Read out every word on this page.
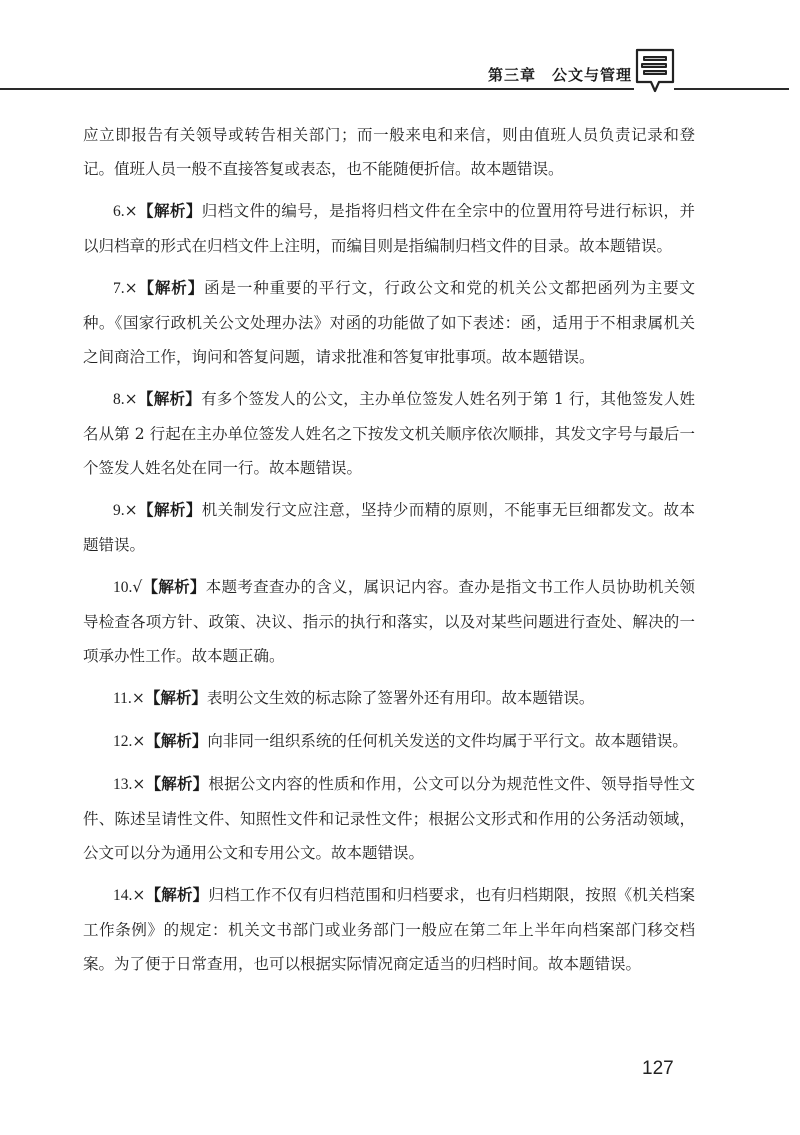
第三章　公文与管理

应立即报告有关领导或转告相关部门；而一般来电和来信，则由值班人员负责记录和登记。值班人员一般不直接答复或表态，也不能随便折信。故本题错误。

6.×【解析】归档文件的编号，是指将归档文件在全宗中的位置用符号进行标识，并以归档章的形式在归档文件上注明，而编目则是指编制归档文件的目录。故本题错误。

7.×【解析】函是一种重要的平行文，行政公文和党的机关公文都把函列为主要文种。《国家行政机关公文处理办法》对函的功能做了如下表述：函，适用于不相隶属机关之间商洽工作，询问和答复问题，请求批准和答复审批事项。故本题错误。

8.×【解析】有多个签发人的公文，主办单位签发人姓名列于第 1 行，其他签发人姓名从第 2 行起在主办单位签发人姓名之下按发文机关顺序依次顺排，其发文字号与最后一个签发人姓名处在同一行。故本题错误。

9.×【解析】机关制发行文应注意，坚持少而精的原则，不能事无巨细都发文。故本题错误。

10.√【解析】本题考查查办的含义，属识记内容。查办是指文书工作人员协助机关领导检查各项方针、政策、决议、指示的执行和落实，以及对某些问题进行查处、解决的一项承办性工作。故本题正确。

11.×【解析】表明公文生效的标志除了签署外还有用印。故本题错误。

12.×【解析】向非同一组织系统的任何机关发送的文件均属于平行文。故本题错误。

13.×【解析】根据公文内容的性质和作用，公文可以分为规范性文件、领导指导性文件、陈述呈请性文件、知照性文件和记录性文件；根据公文形式和作用的公务活动领域，公文可以分为通用公文和专用公文。故本题错误。

14.×【解析】归档工作不仅有归档范围和归档要求，也有归档期限，按照《机关档案工作条例》的规定：机关文书部门或业务部门一般应在第二年上半年向档案部门移交档案。为了便于日常查用，也可以根据实际情况商定适当的归档时间。故本题错误。

127
